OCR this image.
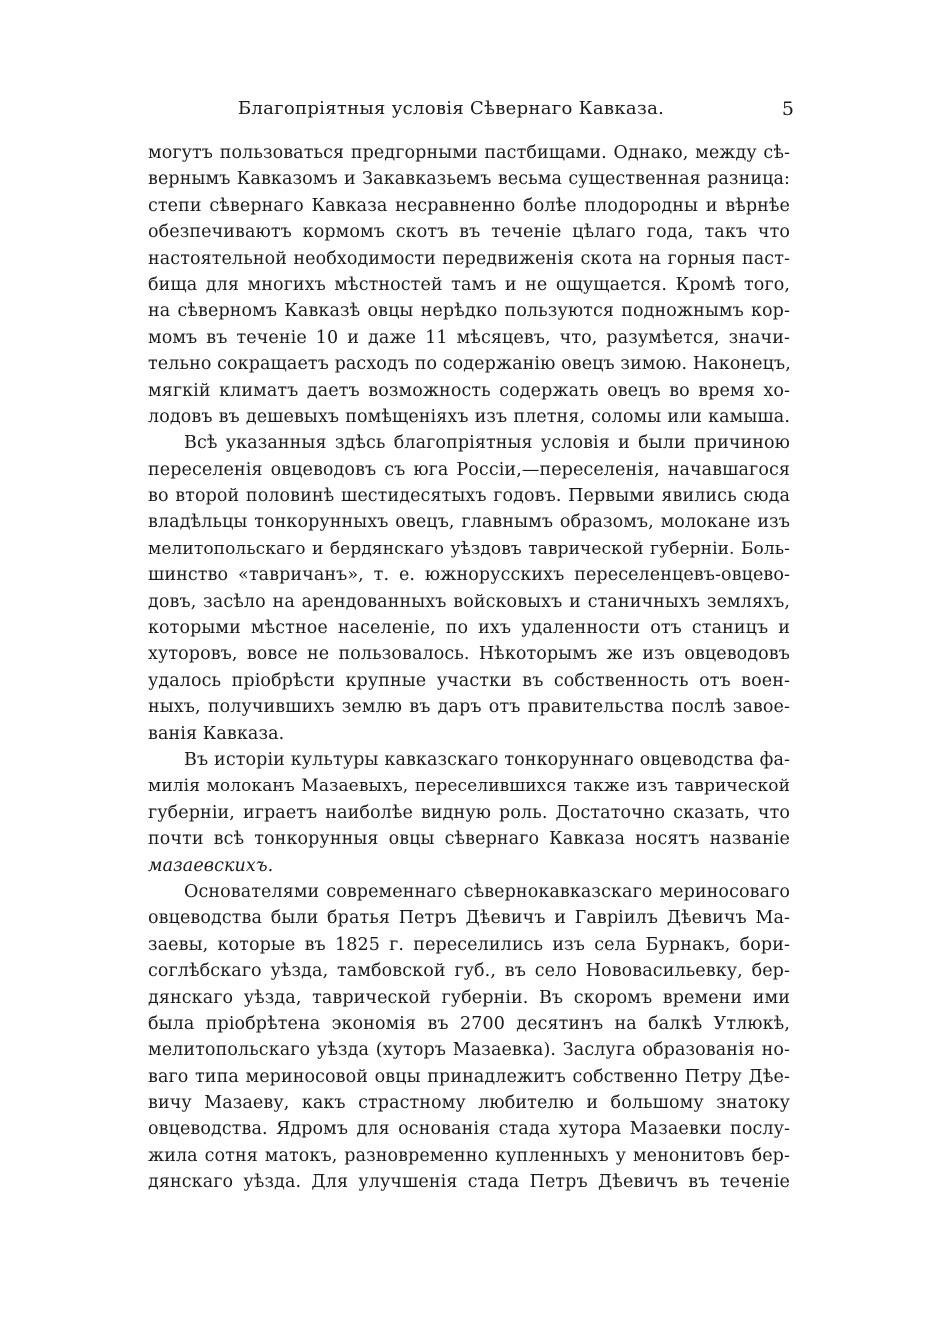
Благопріятныя условія Сѣвернаго Кавказа.	5
могутъ пользоваться предгорными пастбищами. Однако, между сѣ-
вернымъ Кавказомъ и Закавказьемъ весьма существенная разница:
степи сѣвернаго Кавказа несравненно болѣе плодородны и вѣрнѣе
обезпечиваютъ кормомъ скотъ въ теченіе цѣлаго года, такъ что
настоятельной необходимости передвиженія скота на горныя паст-
бища для многихъ мѣстностей тамъ и не ощущается. Кромѣ того,
на сѣверномъ Кавказѣ овцы нерѣдко пользуются подножнымъ кор-
момъ въ теченіе 10 и даже 11 мѣсяцевъ, что, разумѣется, значи-
тельно сокращаетъ расходъ по содержанію овецъ зимою. Наконецъ,
мягкій климатъ даетъ возможность содержать овецъ во время хо-
лодовъ въ дешевыхъ помѣщеніяхъ изъ плетня, соломы или камыша.
Всѣ указанныя здѣсь благопріятныя условія и были причиною
переселенія овцеводовъ съ юга Россіи,—переселенія, начавшагося
во второй половинѣ шестидесятыхъ годовъ. Первыми явились сюда
владѣльцы тонкорунныхъ овецъ, главнымъ образомъ, молокане изъ
мелитопольскаго и бердянскаго уѣздовъ таврической губерніи. Боль-
шинство «тавричанъ», т. е. южнорусскихъ переселенцевъ-овцево-
довъ, засѣло на арендованныхъ войсковыхъ и станичныхъ земляхъ,
которыми мѣстное населеніе, по ихъ удаленности отъ станицъ и
хуторовъ, вовсе не пользовалось. Нѣкоторымъ же изъ овцеводовъ
удалось пріобрѣсти крупные участки въ собственность отъ воен-
ныхъ, получившихъ землю въ даръ отъ правительства послѣ завое-
ванія Кавказа.
Въ исторіи культуры кавказскаго тонкоруннаго овцеводства фа-
милія молоканъ Мазаевыхъ, переселившихся также изъ таврической
губерніи, играетъ наиболѣе видную роль. Достаточно сказать, что
почти всѣ тонкорунныя овцы сѣвернаго Кавказа носятъ названіе
мазаевскихъ.
Основателями современнаго сѣвернокавказскаго мериносоваго
овцеводства были братья Петръ Дѣевичъ и Гавріилъ Дѣевичъ Ма-
заевы, которые въ 1825 г. переселились изъ села Бурнакъ, бори-
соглѣбскаго уѣзда, тамбовской губ., въ село Нововасильевку, бер-
дянскаго уѣзда, таврической губерніи. Въ скоромъ времени ими
была пріобрѣтена экономія въ 2700 десятинъ на балкѣ Утлюкѣ,
мелитопольскаго уѣзда (хуторъ Мазаевка). Заслуга образованія но-
ваго типа мериносовой овцы принадлежитъ собственно Петру Дѣе-
вичу Мазаеву, какъ страстному любителю и большому знатоку
овцеводства. Ядромъ для основанія стада хутора Мазаевки послу-
жила сотня матокъ, разновременно купленныхъ у менонитовъ бер-
дянскаго уѣзда. Для улучшенія стада Петръ Дѣевичъ въ теченіе
